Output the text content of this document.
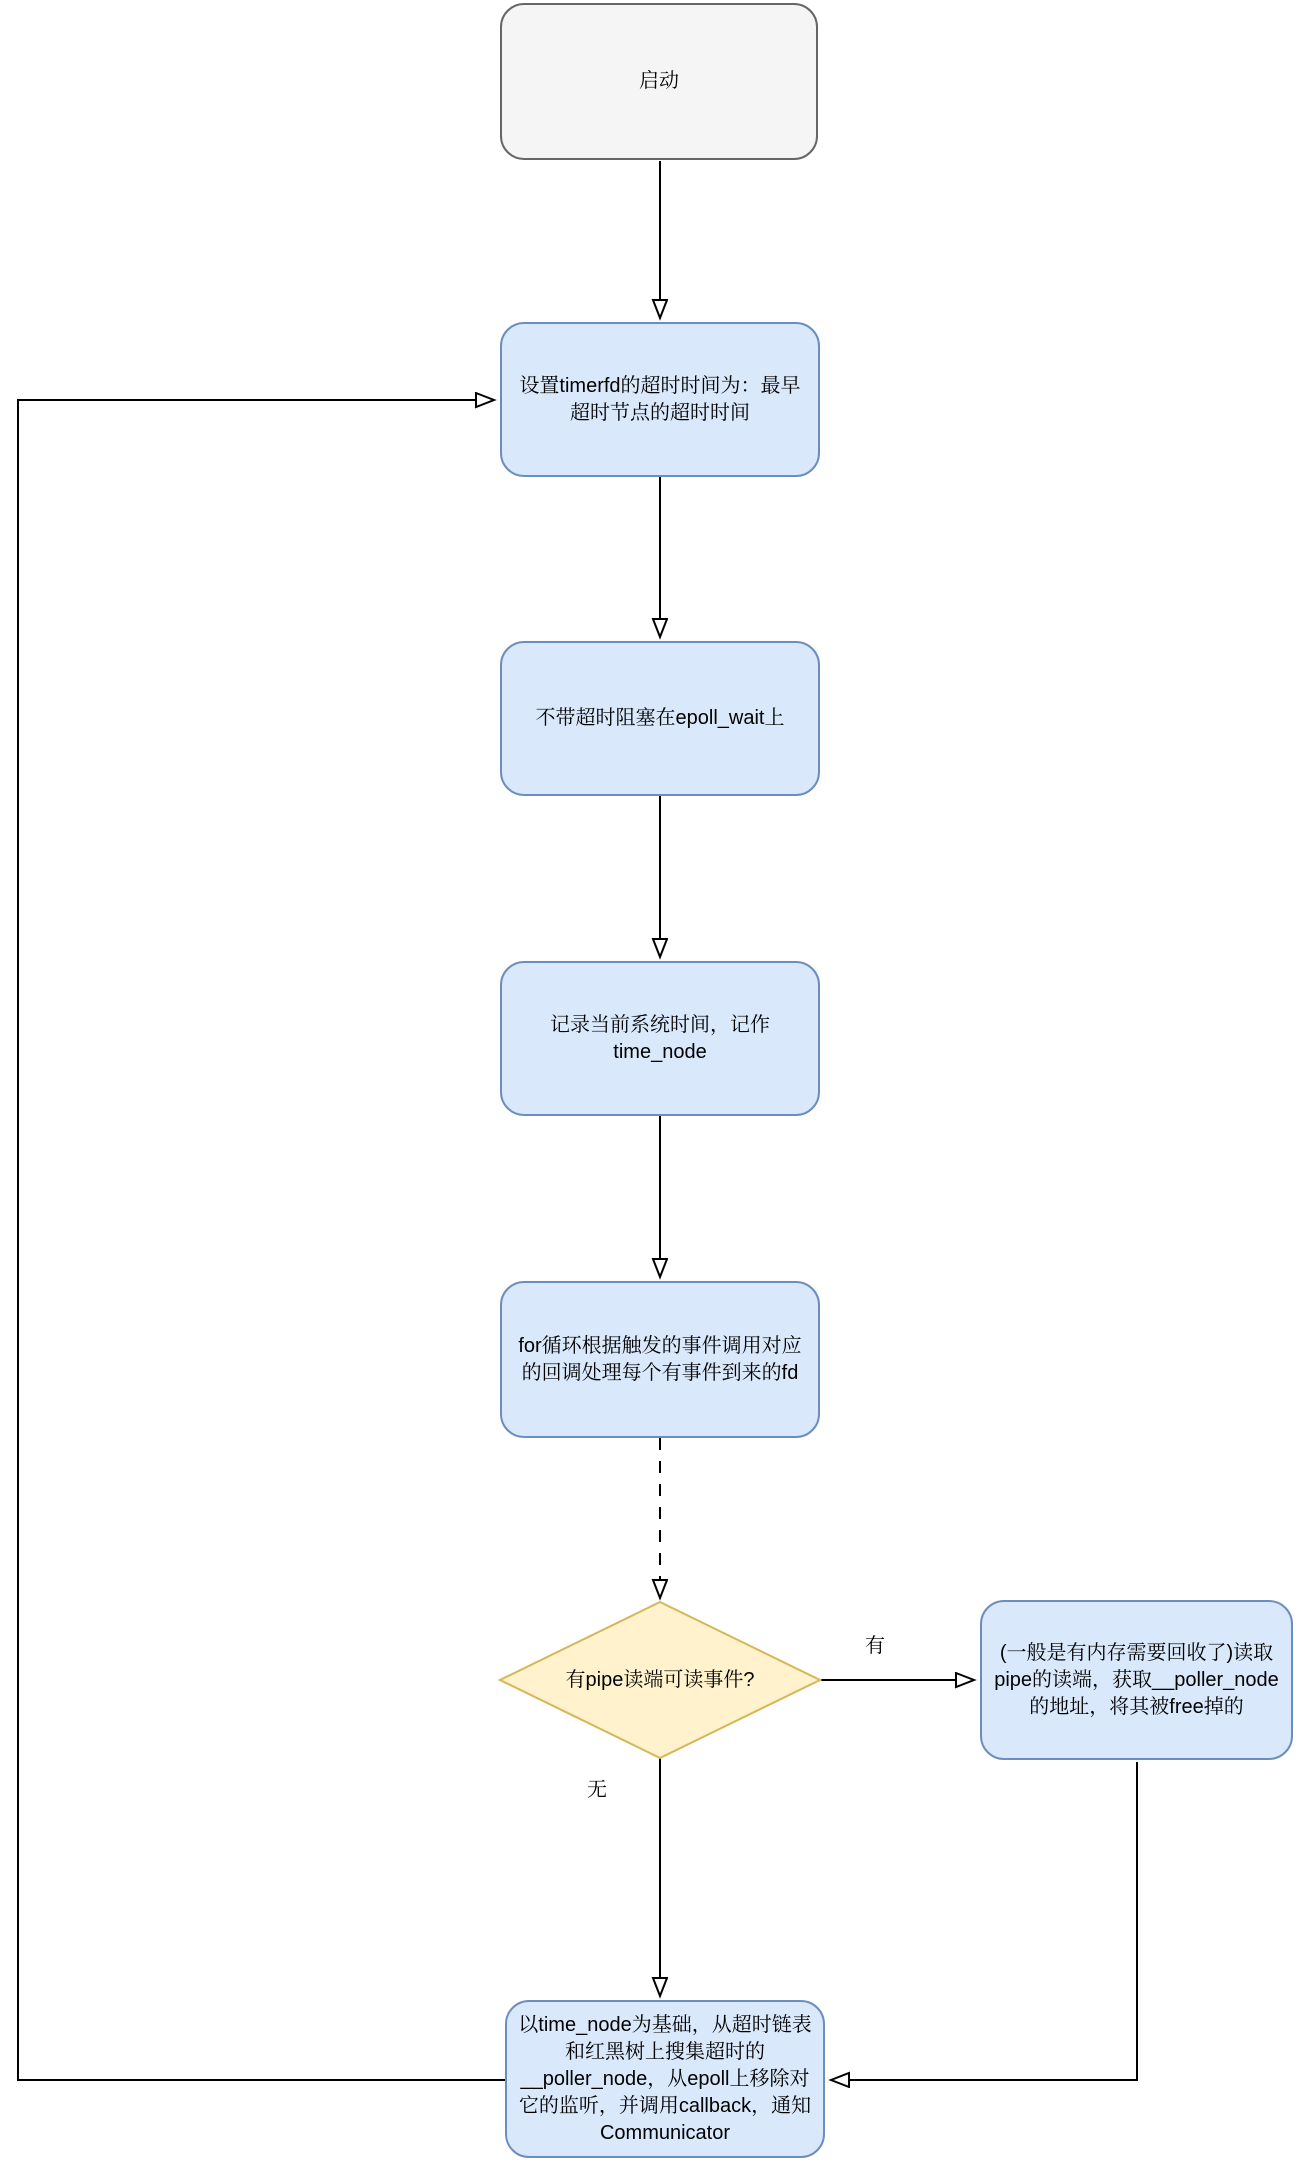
启动
设置timerfd的超时时间为：最早超时节点的超时时间
不带超时阻塞在epoll_wait上
记录当前系统时间，记作time_node
for循环根据触发的事件调用对应的回调处理每个有事件到来的fd
有pipe读端可读事件?
(一般是有内存需要回收了)读取pipe的读端，获取__poller_node的地址，将其被free掉的
以time_node为基础，从超时链表和红黑树上搜集超时的__poller_node，从epoll上移除对它的监听，并调用callback，通知Communicator
有
无
